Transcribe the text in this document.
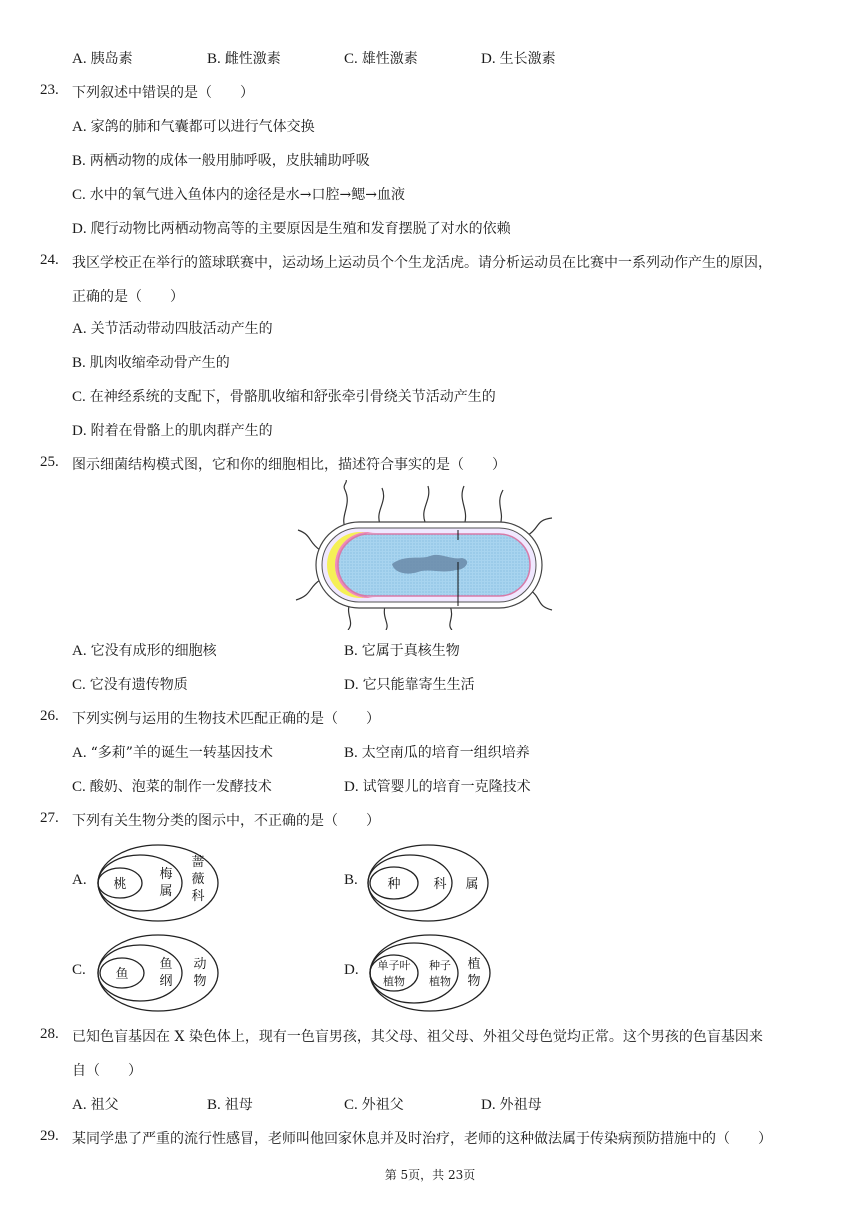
A. 胰岛素	B. 雌性激素	C. 雄性激素	D. 生长激素
23. 下列叙述中错误的是（　　）
A. 家鸽的肺和气囊都可以进行气体交换
B. 两栖动物的成体一般用肺呼吸，皮肤辅助呼吸
C. 水中的氧气进入鱼体内的途径是水→口腔→鳃→血液
D. 爬行动物比两栖动物高等的主要原因是生殖和发育摆脱了对水的依赖
24. 我区学校正在举行的篮球联赛中，运动场上运动员个个生龙活虎。请分析运动员在比赛中一系列动作产生的原因，
正确的是（　　）
A. 关节活动带动四肢活动产生的
B. 肌肉收缩牵动骨产生的
C. 在神经系统的支配下，骨骼肌收缩和舒张牵引骨绕关节活动产生的
D. 附着在骨骼上的肌肉群产生的
25. 图示细菌结构模式图，它和你的细胞相比，描述符合事实的是（　　）
A. 它没有成形的细胞核	B. 它属于真核生物
C. 它没有遗传物质	D. 它只能靠寄生生活
26. 下列实例与运用的生物技术匹配正确的是（　　）
A. “多莉”羊的诞生一转基因技术	B. 太空南瓜的培育一组织培养
C. 酸奶、泡菜的制作一发酵技术	D. 试管婴儿的培育一克隆技术
27. 下列有关生物分类的图示中，不正确的是（　　）
A.	桃
梅
属
蔷
薇
科
B.	种	科 属
C.	鱼
鱼
纲
动
物
D.	单子叶
植物
种子
植物
植
物
28. 已知色盲基因在 X 染色体上，现有一色盲男孩，其父母、祖父母、外祖父母色觉均正常。这个男孩的色盲基因来
自（　　）
A. 祖父	B. 祖母	C. 外祖父	D. 外祖母
29. 某同学患了严重的流行性感冒，老师叫他回家休息并及时治疗，老师的这种做法属于传染病预防措施中的（　　）
第 5页，共 23页
